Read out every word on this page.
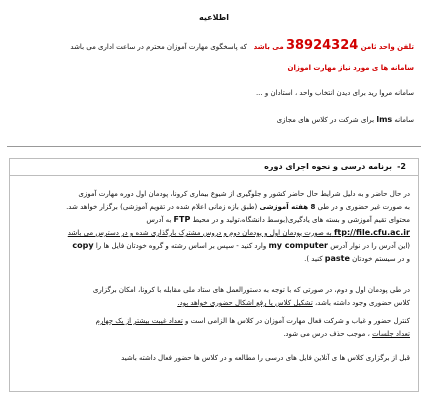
اطلاعیه
تلفن واحد ثامن 38924324 می باشد   که پاسخگوی مهارت آموزان محترم در ساعت اداری می باشد
سامانه ها ی مورد نیاز مهارت آموزان
سامانه مروا رید برای دیدن انتخاب واحد ، استادان و ...
سامانه lms برای شرکت در کلاس های مجازی
2-
برنامه درسی و نحوه اجرای دوره
در حال حاضر و به دلیل شرایط حال حاضر کشور و جلوگیری از شیوع بیماری کرونا، پودمان اول دوره مهارت آموزی
به صورت غیر حضوری و در طی 8 هفته آموزشی (طبق بازه زمانی اعلام شده در تقویم آموزشی) برگزار خواهد شد.
محتوای تقیم آموزشی و بسته های یادگیری(بوسط دانشگاه،تولید و در محیط FTP به آدرس
ftp://file.cfu.ac.ir به صورت پودمان اول و پودمان دوم و دروس مشترک بارگذاری شده و در دسترس می باشد
(این آدرس را در نوار آدرس my computer وارد کنید - سپس بر اساس رشته و گروه خودتان فایل ها را copy
و در سیستم خودتان paste کنید ).
در طی پودمان اول و دوم، در صورتی که با توجه به دستورالعمل های ستاد ملی مقابله با کرونا، امکان برگزاری
کلاس حضوری وجود داشته باشد، تشکیل کلاس یا رفع اشکال حضوری خواهد بود.
کنترل حضور و غیاب و شرکت فعال مهارت آموزان در کلاس ها الزامی است و تعداد غیبت بیشتر از یک چهارم
تعداد جلسات ، موجب حذف درس می شود.
قبل از برگزاری کلاس ها ی آنلاین فایل های درسی را مطالعه و در کلاس ها حضور فعال داشته باشید
